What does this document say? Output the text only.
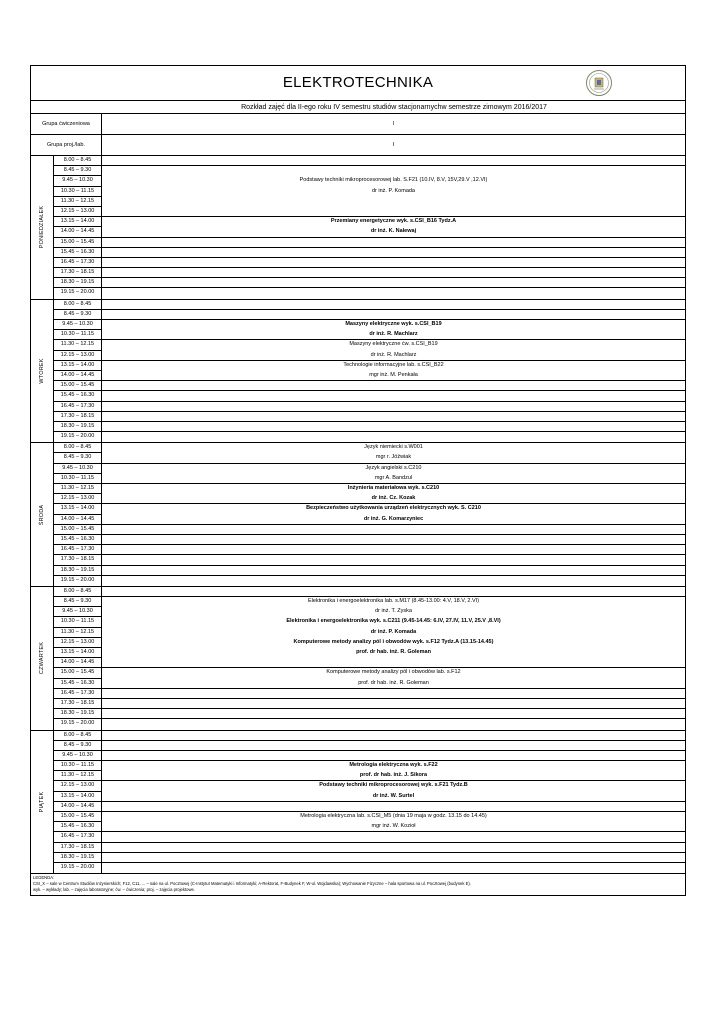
ELEKTROTECHNIKA
Rozkład zajęć dla II-ego roku IV semestru studiów stacjonarnychw semestrze zimowym 2016/2017
Grupa ćwiczeniowa	I
Grupa proj./lab.	I
PONIEDZIAŁEK
8.00 – 8.45
8.45 – 9.30
9.45 – 10.30
10.30 – 11.15
11.30 – 12.15
12.15 – 13.00
13.15 – 14.00
14.00 – 14.45
15.00 – 15.45
15.45 – 16.30
16.45 – 17.30
17.30 – 18.15
18.30 – 19.15
19.15 – 20.00
Podstawy techniki mikroprocesorowej lab. S.F21 (10.IV, 8.V, 15V,29.V ,12.VI)
dr inż. P. Komada
Przemiany energetyczne wyk. s.CSI_B16 Tydz.A
dr inż. K. Nalewaj
WTOREK
8.00 – 8.45
8.45 – 9.30
9.45 – 10.30
10.30 – 11.15
11.30 – 12.15
12.15 – 13.00
13.15 – 14.00
14.00 – 14.45
15.00 – 15.45
15.45 – 16.30
16.45 – 17.30
17.30 – 18.15
18.30 – 19.15
19.15 – 20.00
Maszyny elektryczne wyk. s.CSI_B19
dr inż. R. Machlarz
Maszyny elektryczne ćw. s.CSI_B19
dr inż. R. Machlarz
Technologie informacyjne lab. s.CSI_B22
mgr inż. M. Penkała
ŚRODA
8.00 – 8.45
8.45 – 9.30
9.45 – 10.30
10.30 – 11.15
11.30 – 12.15
12.15 – 13.00
13.15 – 14.00
14.00 – 14.45
15.00 – 15.45
15.45 – 16.30
16.45 – 17.30
17.30 – 18.15
18.30 – 19.15
19.15 – 20.00
Język niemiecki s.W001
mgr r. Jóźwiak
Język angielski s.C210
mgr A. Bandzul
Inżynieria materiałowa wyk. s.C210
dr inż. Cz. Kozak
Bezpieczeństwo użytkowania urządzeń elektrycznych wyk. S. C210
dr inż. G. Komarzyniec
CZWARTEK
8.00 – 8.45
8.45 – 9.30
9.45 – 10.30
10.30 – 11.15
11.30 – 12.15
12.15 – 13.00
13.15 – 14.00
14.00 – 14.45
15.00 – 15.45
15.45 – 16.30
16.45 – 17.30
17.30 – 18.15
18.30 – 19.15
19.15 – 20.00
Elektronika i energoelektronika lab. s.M17 (8.45-13.00: 4.V, 18.V, 2.VI)
dr inż. T. Zyska
Elektronika i energoelektronika wyk. s.C211 (9.45-14.45: 6.IV, 27.IV, 11.V, 25.V ,8.VI)
dr inż. P. Komada
Komputerowe metody analizy pól i obwodów wyk. s.F12 Tydz.A (13.15-14.45)
prof. dr hab. inż. R. Goleman
Komputerowe metody analizy pól i obwodów lab. s.F12
prof. dr hab. inż. R. Goleman
PIĄTEK
8.00 – 8.45
8.45 – 9.30
9.45 – 10.30
10.30 – 11.15
11.30 – 12.15
12.15 – 13.00
13.15 – 14.00
14.00 – 14.45
15.00 – 15.45
15.45 – 16.30
16.45 – 17.30
17.30 – 18.15
18.30 – 19.15
19.15 – 20.00
Metrologia elektryczna wyk. s.F22
prof. dr hab. inż. J. Sikora
Podstawy techniki mikroprocesorowej wyk. s.F21 Tydz.B
dr inż. W. Surtel
Metrologia elektryczna lab. s.CSI_M5 (dnia 19 maja w godz. 13.15 do 14.45)
mgr inż. W. Kozioł
LEGENDA:
CSI_X – sale w Centrum Studiów Inżynierskich; F12, C11, ... – sale na ul. Pocztowej (C-Instytut Matematyki i Informatyki; A-Rektorat, F-Budynek F, W-ul. Wojdawska); Wychowanie Fizyczne – hala sportowa na ul. Pocztowej (budynek E).
wyk. – wykłady; lab. – zajęcia laboratoryjne; ćw. – ćwiczenia; proj. – zajęcia projektowe.
